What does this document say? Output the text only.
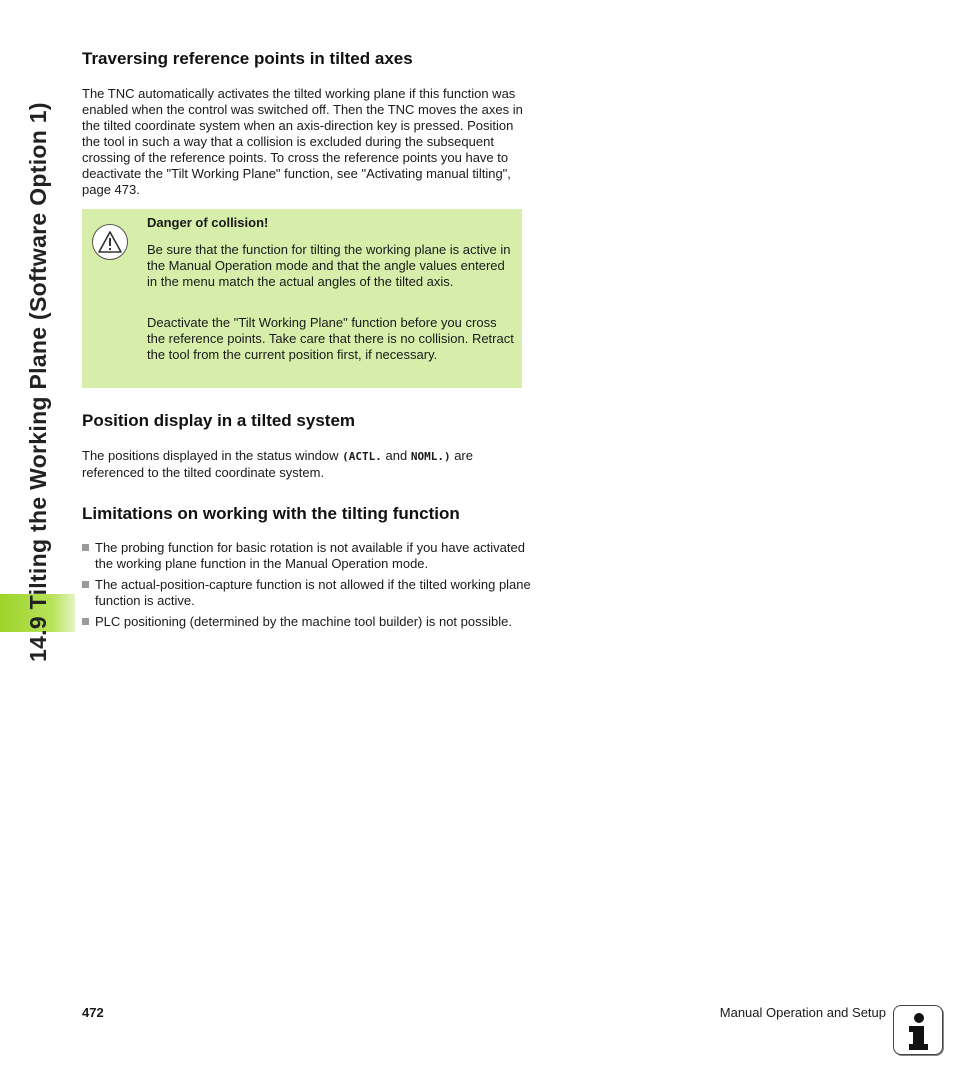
14.9 Tilting the Working Plane (Software Option 1)
Traversing reference points in tilted axes

The TNC automatically activates the tilted working plane if this function was enabled when the control was switched off. Then the TNC moves the axes in the tilted coordinate system when an axis-direction key is pressed. Position the tool in such a way that a collision is excluded during the subsequent crossing of the reference points. To cross the reference points you have to deactivate the "Tilt Working Plane" function, see "Activating manual tilting", page 473.

Danger of collision!

Be sure that the function for tilting the working plane is active in the Manual Operation mode and that the angle values entered in the menu match the actual angles of the tilted axis.

Deactivate the "Tilt Working Plane" function before you cross the reference points. Take care that there is no collision. Retract the tool from the current position first, if necessary.

Position display in a tilted system

The positions displayed in the status window (ACTL. and NOML.) are referenced to the tilted coordinate system.

Limitations on working with the tilting function
The probing function for basic rotation is not available if you have activated the working plane function in the Manual Operation mode.
The actual-position-capture function is not allowed if the tilted working plane function is active.
PLC positioning (determined by the machine tool builder) is not possible.
472	Manual Operation and Setup
